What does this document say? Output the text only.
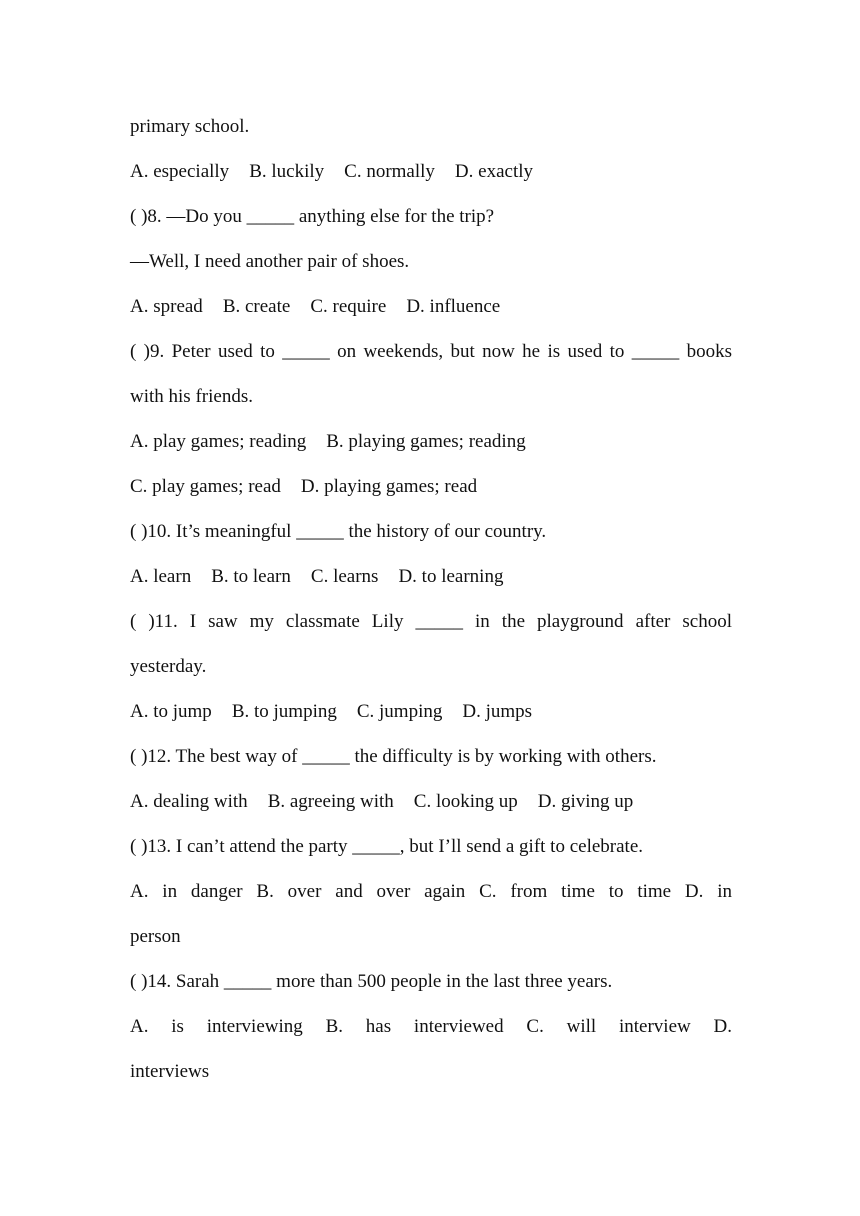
primary school.
A. especially B. luckily C. normally D. exactly
( )8. —Do you _____ anything else for the trip?
—Well, I need another pair of shoes.
A. spread B. create C. require D. influence
( )9. Peter used to _____ on weekends, but now he is used to _____ books
with his friends.
A. play games; reading B. playing games; reading
C. play games; read D. playing games; read
( )10. It’s meaningful _____ the history of our country.
A. learn B. to learn C. learns D. to learning
( )11. I saw my classmate Lily _____ in the playground after school
yesterday.
A. to jump B. to jumping C. jumping D. jumps
( )12. The best way of _____ the difficulty is by working with others.
A. dealing with B. agreeing with C. looking up D. giving up
( )13. I can’t attend the party _____, but I’ll send a gift to celebrate.
A. in danger B. over and over again C. from time to time D. in
person
( )14. Sarah _____ more than 500 people in the last three years.
A. is interviewing B. has interviewed C. will interview D.
interviews
